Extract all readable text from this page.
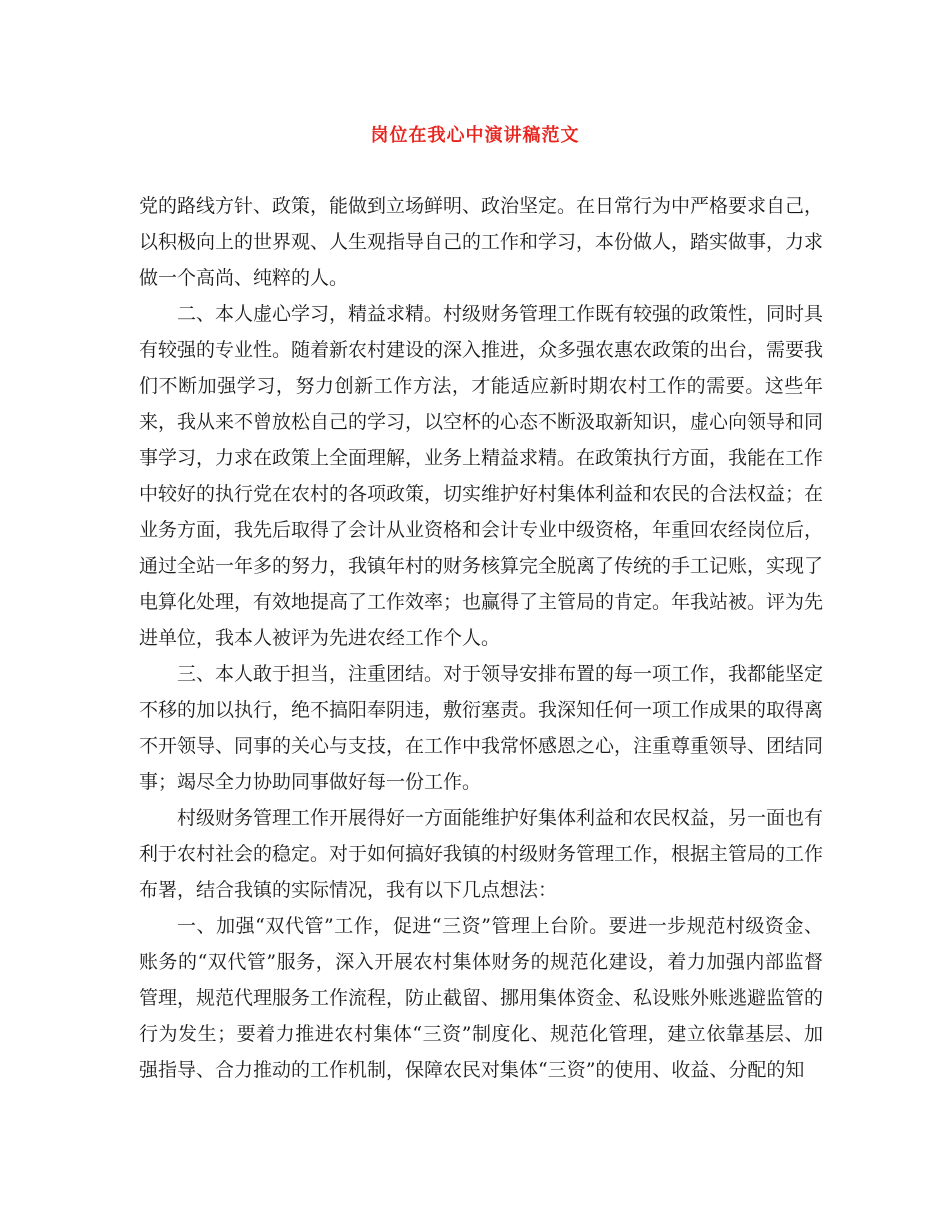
岗位在我心中演讲稿范文

党的路线方针、政策，能做到立场鲜明、政治坚定。在日常行为中严格要求自己，以积极向上的世界观、人生观指导自己的工作和学习，本份做人，踏实做事，力求做一个高尚、纯粹的人。

二、本人虚心学习，精益求精。村级财务管理工作既有较强的政策性，同时具有较强的专业性。随着新农村建设的深入推进，众多强农惠农政策的出台，需要我们不断加强学习，努力创新工作方法，才能适应新时期农村工作的需要。这些年来，我从来不曾放松自己的学习，以空杯的心态不断汲取新知识，虚心向领导和同事学习，力求在政策上全面理解，业务上精益求精。在政策执行方面，我能在工作中较好的执行党在农村的各项政策，切实维护好村集体利益和农民的合法权益；在业务方面，我先后取得了会计从业资格和会计专业中级资格，年重回农经岗位后，通过全站一年多的努力，我镇年村的财务核算完全脱离了传统的手工记账，实现了电算化处理，有效地提高了工作效率；也赢得了主管局的肯定。年我站被。评为先进单位，我本人被评为先进农经工作个人。

三、本人敢于担当，注重团结。对于领导安排布置的每一项工作，我都能坚定不移的加以执行，绝不搞阳奉阴违，敷衍塞责。我深知任何一项工作成果的取得离不开领导、同事的关心与支技，在工作中我常怀感恩之心，注重尊重领导、团结同事；竭尽全力协助同事做好每一份工作。

村级财务管理工作开展得好一方面能维护好集体利益和农民权益，另一面也有利于农村社会的稳定。对于如何搞好我镇的村级财务管理工作，根据主管局的工作布署，结合我镇的实际情况，我有以下几点想法：

一、加强“双代管”工作，促进“三资”管理上台阶。要进一步规范村级资金、账务的“双代管”服务，深入开展农村集体财务的规范化建设，着力加强内部监督管理，规范代理服务工作流程，防止截留、挪用集体资金、私设账外账逃避监管的行为发生；要着力推进农村集体“三资”制度化、规范化管理，建立依靠基层、加强指导、合力推动的工作机制，保障农民对集体“三资”的使用、收益、分配的知
